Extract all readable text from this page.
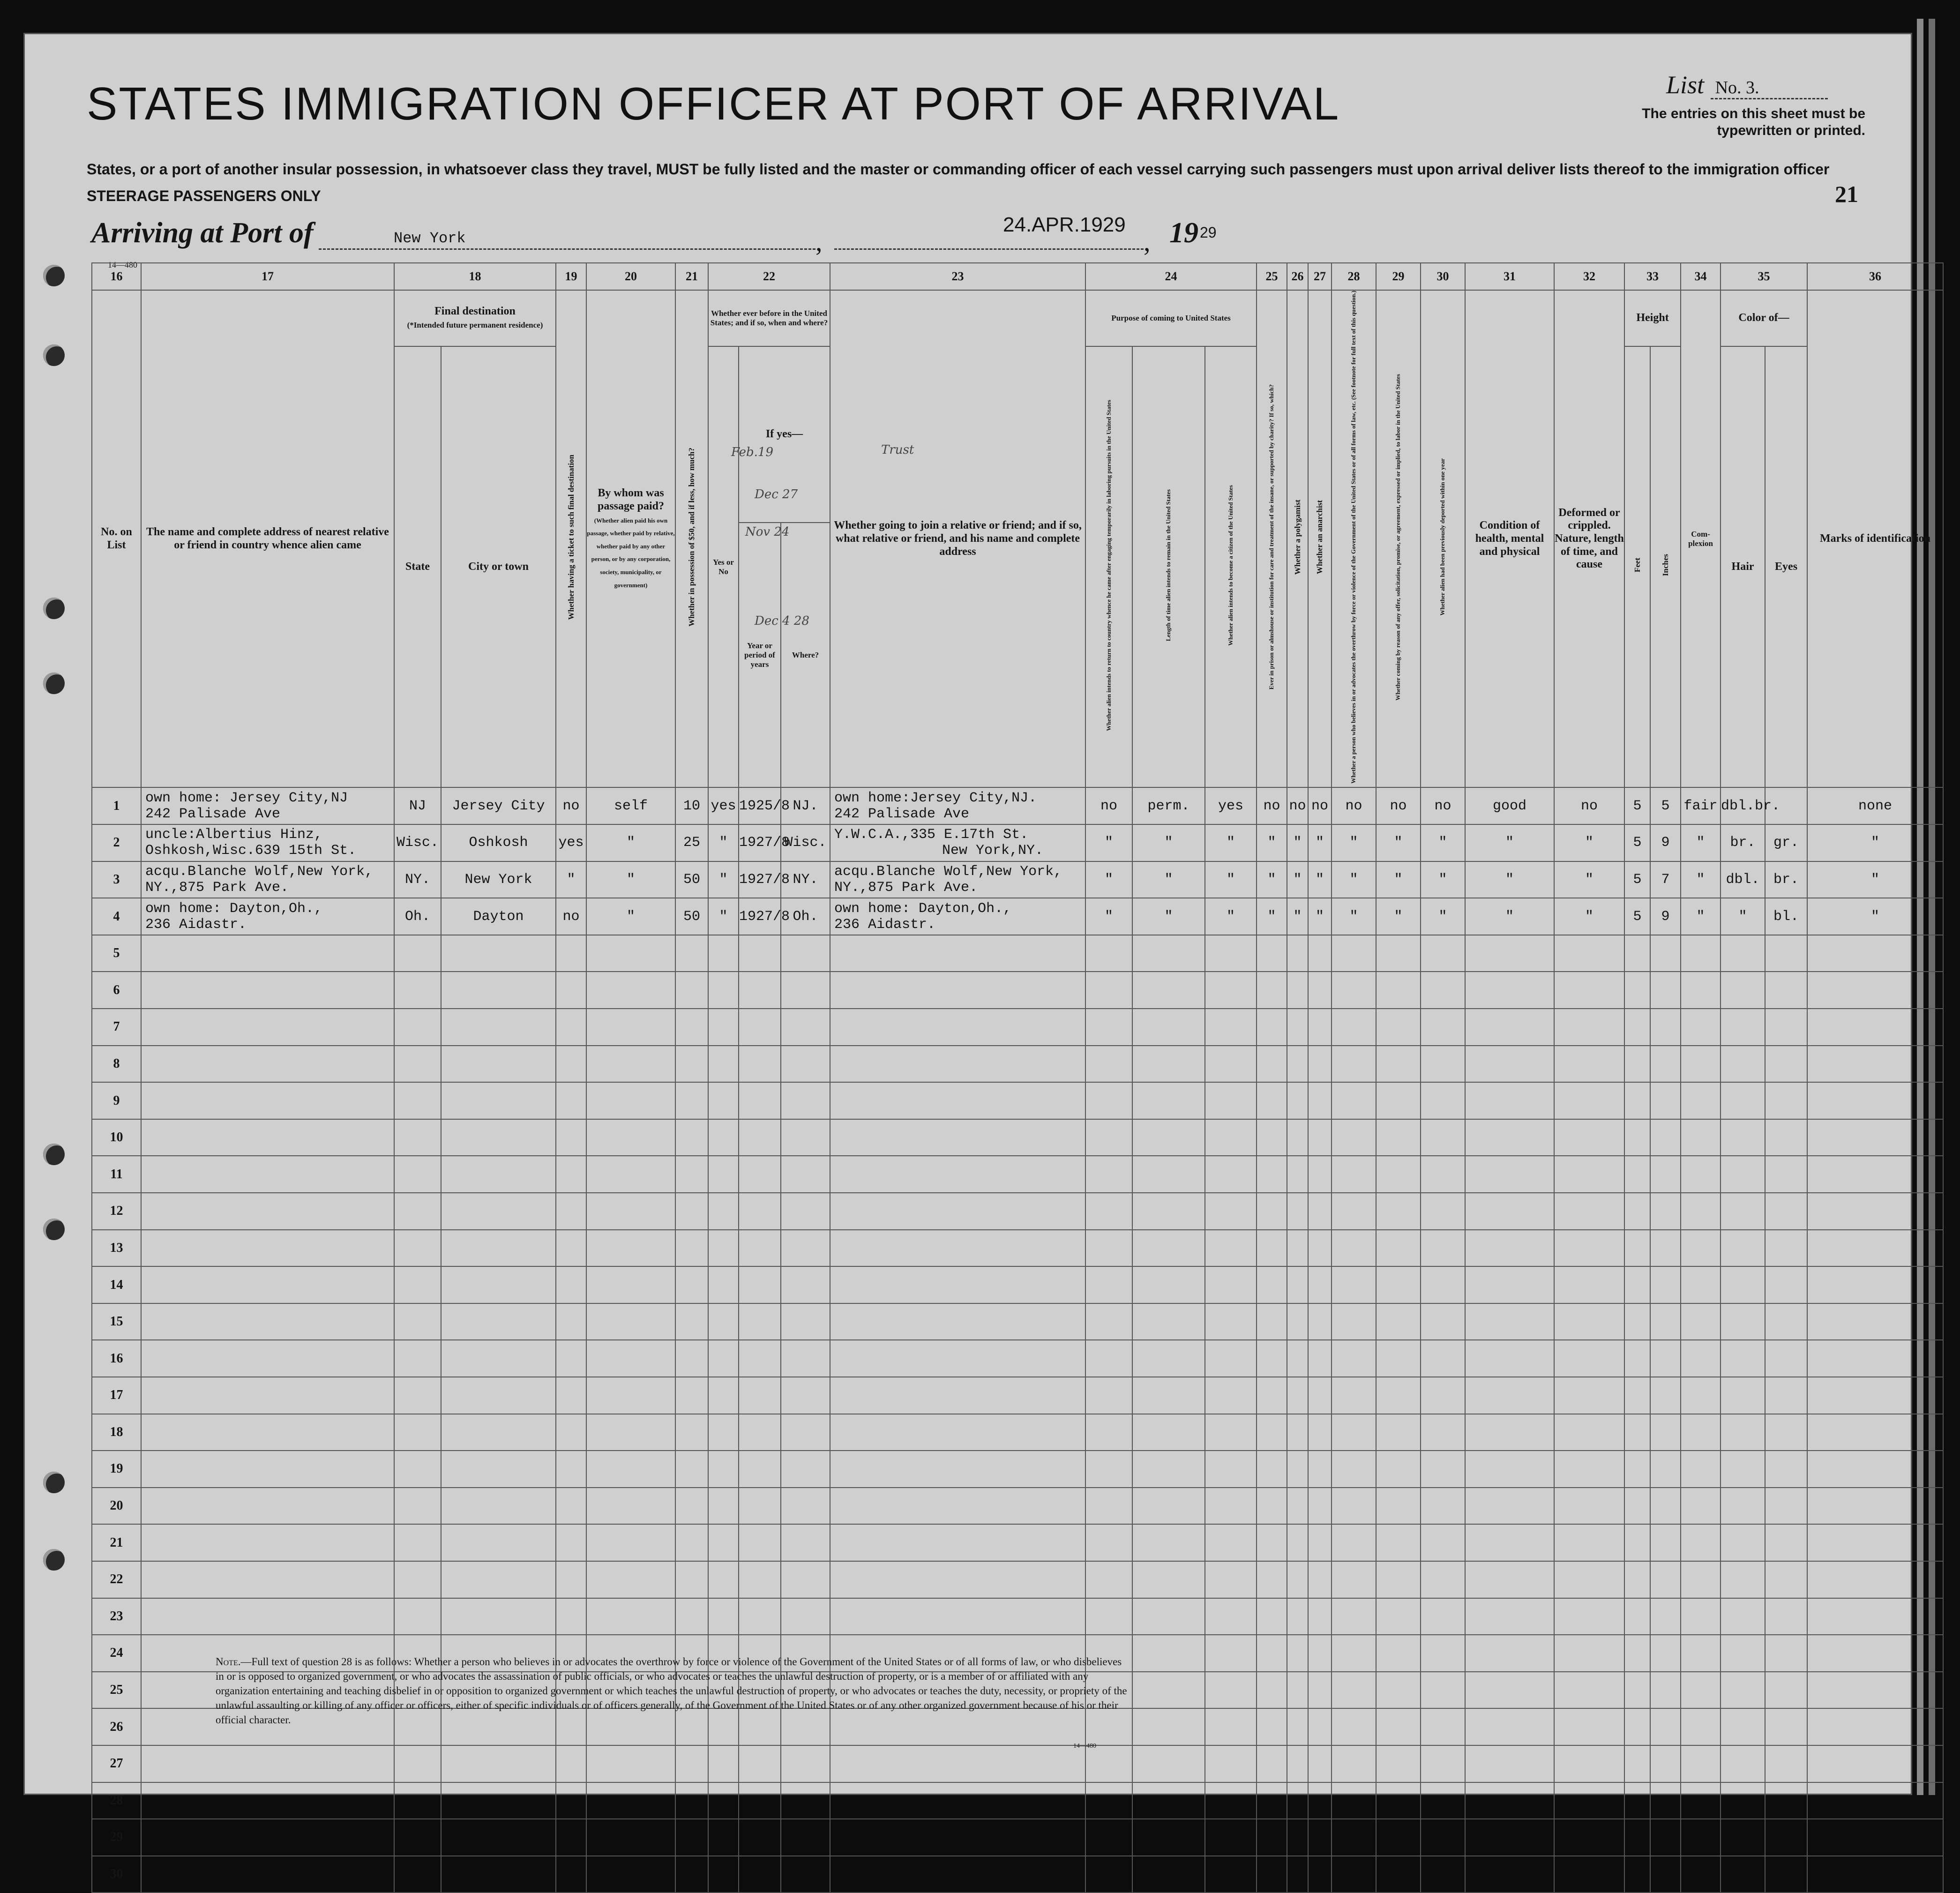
STATES IMMIGRATION OFFICER AT PORT OF ARRIVAL	List No. 3.
The entries on this sheet must be typewritten or printed.
States, or a port of another insular possession, in whatsoever class they travel, MUST be fully listed and the master or commanding officer of each vessel carrying such passengers must upon arrival deliver lists thereof to the immigration officer
STEERAGE PASSENGERS ONLY	21
Arriving at Port of	New York	,
24.APR.1929
, 19 29
14—480
16	17	18		19	20	21	22			23	24			25	26	27	28	29	30	31	32	33		34	35		36
No. on List	The name and complete address of nearest relative or friend in country whence alien came	Final destination
(*Intended future permanent residence)		Whether having a ticket to such final destination	By whom was passage paid?
(Whether alien paid his own passage, whether paid by relative, whether paid by any other person, or by any corporation, society, municipality, or government)	Whether in possession of $50, and if less, how much?	Whether ever before in the United States; and if so, when and where?			Whether going to join a relative or friend; and if so, what relative or friend, and his name and complete address	Purpose of coming to United States			Ever in prison or almshouse or institution for care and treatment of the insane, or supported by charity? If so, which?	Whether a polygamist	Whether an anarchist	Whether a person who believes in or advocates the overthrow by force or violence of the Government of the United States or of all forms of law, etc. (See footnote for full text of this question.)	Whether coming by reason of any offer, solicitation, promise, or agreement, expressed or implied, to labor in the United States	Whether alien had been previously deported within one year	Condition of health, mental and physical	Deformed or crippled. Nature, length of time, and cause	Height		Com-plexion	Color of—		Marks of identification
		State	City or town				Yes or No	If yes—			Whether alien intends to return to country whence he came after engaging temporarily in laboring pursuits in the United States	Length of time alien intends to remain in the United States	Whether alien intends to become a citizen of the United States									Feet	Inches		Hair	Eyes	
								Year or period of years	Where?																		
1	own home: Jersey City,NJ
242 Palisade Ave	NJ	Jersey City	no	self	10	yes	1925/8	NJ.	own home:Jersey City,NJ.
242 Palisade Ave	no	perm.	yes	no	no	no	no	no	no	good	no	5	5	fair	dbl.br.		none
2	uncle:Albertius Hinz,
Oshkosh,Wisc.639 15th St.	Wisc.	Oshkosh	yes	"	25	"	1927/8	Wisc.	Y.W.C.A.,335 E.17th St.
New York,NY.	"	"	"	"	"	"	"	"	"	"	"	5	9	"	br.	gr.	"
3	acqu.Blanche Wolf,New York,
NY.,875 Park Ave.	NY.	New York	"	"	50	"	1927/8	NY.	acqu.Blanche Wolf,New York,
NY.,875 Park Ave.	"	"	"	"	"	"	"	"	"	"	"	5	7	"	dbl.	br.	"
4	own home: Dayton,Oh.,
236 Aidastr.	Oh.	Dayton	no	"	50	"	1927/8	Oh.	own home: Dayton,Oh.,
236 Aidastr.	"	"	"	"	"	"	"	"	"	"	"	5	9	"	"	bl.	"
5																											
6																											
7																											
8																											
9																											
10																											
11																											
12																											
13																											
14																											
15																											
16																											
17																											
18																											
19																											
20																											
21																											
22																											
23																											
24																											
25																											
26																											
27																											
28																											
29																											
30																											
Feb.19	Trust
Dec 27
Nov 24
Dec 4 28
Note.—Full text of question 28 is as follows: Whether a person who believes in or advocates the overthrow by force or violence of the Government of the United States or of all forms of law, or who disbelieves in or is opposed to organized government, or who advocates the assassination of public officials, or who advocates or teaches the unlawful destruction of property, or is a member of or affiliated with any organization entertaining and teaching disbelief in or opposition to organized government or which teaches the unlawful destruction of property, or who advocates or teaches the duty, necessity, or propriety of the unlawful assaulting or killing of any officer or officers, either of specific individuals or of officers generally, of the Government of the United States or of any other organized government because of his or their official character.
14—480
